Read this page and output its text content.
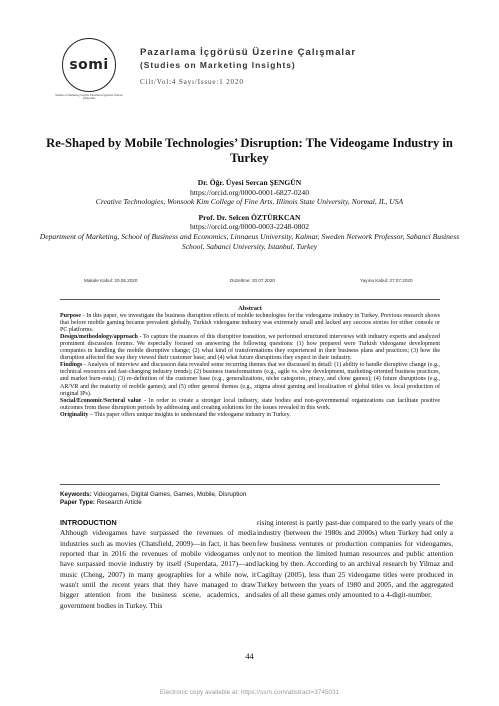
somi
Studies on Marketing Insights Pazarlama İçgörüsü Üzerine Çalışmalar
Pazarlama İçgörüsü Üzerine Çalışmalar
(Studies on Marketing Insights)
Cilt/Vol:4 Sayı/Issue:1 2020
Re-Shaped by Mobile Technologies’ Disruption: The Videogame Industry in Turkey
Dr. Öğr. Üyesi Sercan ŞENGÜN
https://orcid.org/0000-0001-6827-0240
Creative Technologies, Wonsook Kim College of Fine Arts, Illinois State University, Normal, IL, USA
Prof. Dr. Selcen ÖZTÜRKCAN
https://orcid.org/0000-0003-2248-0802
Department of Marketing, School of Business and Economics, Linnaeus University, Kalmar, Sweden Network Professor, Sabanci Business School, Sabanci University, Istanbul, Turkey
Makale Kabul: 20.06.2020	Düzeltme: 20.07.2020	Yayına Kabul: 27.07.2020
Abstract

Purpose - In this paper, we investigate the business disruption effects of mobile technologies for the videogame industry in Turkey. Previous research shows that before mobile gaming became prevalent globally, Turkish videogame industry was extremely small and lacked any success stories for either console or PC platforms.

Design/methodology/approach - To capture the nuances of this disruptive transition, we performed structured interviews with industry experts and analyzed prominent discussion forums. We especially focused on answering the following questions: (1) how prepared were Turkish videogame development companies in handling the mobile disruptive change; (2) what kind of transformations they experienced in their business plans and practices; (3) how the disruption affected the way they viewed their customer base; and (4) what future disruptions they expect in their industry.

Findings - Analysis of interview and discussion data revealed some recurring themes that we discussed in detail: (1) ability to handle disruptive change (e.g., technical resources and fast-changing industry trends); (2) business transformations (e.g., agile vs. slow development, marketing-oriented business practices, and market burn-outs); (3) re-definition of the customer base (e.g., generalizations, niche categories, piracy, and clone games); (4) future disruptions (e.g., AR/VR and the maturity of mobile games); and (5) other general themes (e.g., stigma about gaming and localization of global titles vs. local production of original IPs).

Social/Economic/Sectoral value - In order to create a stronger local industry, state bodies and non-governmental organizations can facilitate positive outcomes from these disruption periods by addressing and creating solutions for the issues revealed in this work.

Originality – This paper offers unique insights to understand the videogame industry in Turkey.

Keywords: Videogames, Digital Games, Games, Mobile, Disruption
Paper Type: Research Article
INTRODUCTION

Although videogames have surpassed the revenues of media industries such as movies (Chatsfield, 2009)—in fact, it has been reported that in 2016 the revenues of mobile videogames only have surpassed movie industry by itself (Superdata, 2017)—and music (Cheng, 2007) in many geographies for a while now, it wasn't until the recent years that they have managed to draw bigger attention from the business scene, academics, and government bodies in Turkey. This

rising interest is partly past-due compared to the early years of the industry (between the 1980s and 2000s) when Turkey had only a few business ventures or production companies for videogames, not to mention the limited human resources and public attention lacking by then. According to an archival research by Yilmaz and Cagiltay (2005), less than 25 videogame titles were produced in Turkey between the years of 1980 and 2005, and the aggregated sales of all these games only amounted to a 4-digit-number.

44
Electronic copy available at: https://ssrn.com/abstract=3745031
